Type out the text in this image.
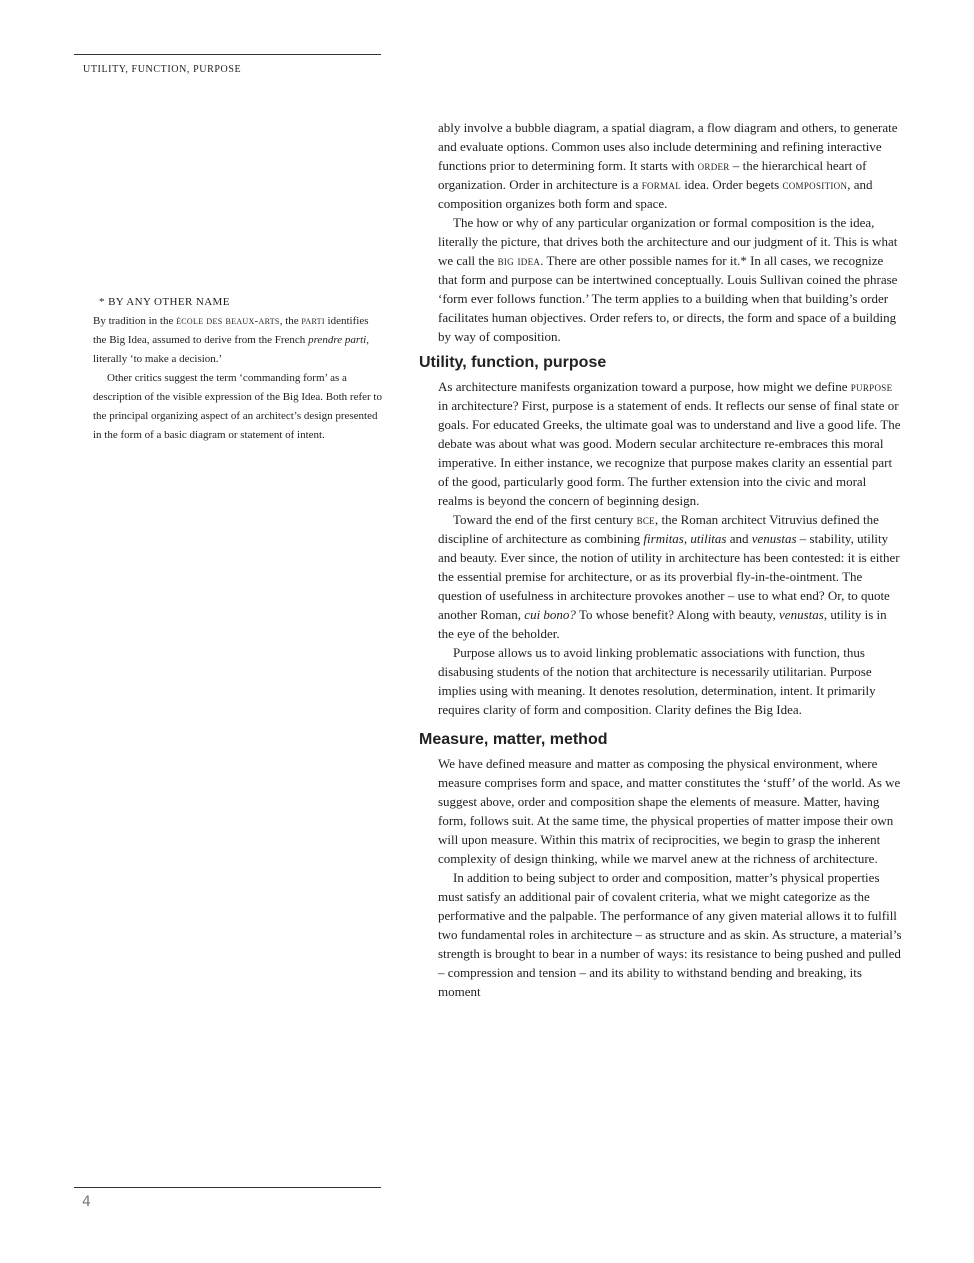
UTILITY, FUNCTION, PURPOSE
* BY ANY OTHER NAME

By tradition in the école des beaux-arts, the parti identifies the Big Idea, assumed to derive from the French prendre parti, literally ‘to make a decision.’

Other critics suggest the term ‘commanding form’ as a description of the visible expression of the Big Idea. Both refer to the principal organizing aspect of an architect’s design presented in the form of a basic diagram or statement of intent.

ably involve a bubble diagram, a spatial diagram, a flow diagram and others, to generate and evaluate options. Common uses also include determining and refining interactive functions prior to determining form. It starts with order – the hierarchical heart of organization. Order in architecture is a formal idea. Order begets composition, and composition organizes both form and space.

The how or why of any particular organization or formal composition is the idea, literally the picture, that drives both the architecture and our judgment of it. This is what we call the big idea. There are other possible names for it.* In all cases, we recognize that form and purpose can be intertwined conceptually. Louis Sullivan coined the phrase ‘form ever follows function.’ The term applies to a building when that building’s order facilitates human objectives. Order refers to, or directs, the form and space of a building by way of composition.

Utility, function, purpose

As architecture manifests organization toward a purpose, how might we define purpose in architecture? First, purpose is a statement of ends. It reflects our sense of final state or goals. For educated Greeks, the ultimate goal was to understand and live a good life. The debate was about what was good. Modern secular architecture re-embraces this moral imperative. In either instance, we recognize that purpose makes clarity an essential part of the good, particularly good form. The further extension into the civic and moral realms is beyond the concern of beginning design.

Toward the end of the first century bce, the Roman architect Vitruvius defined the discipline of architecture as combining firmitas, utilitas and venustas – stability, utility and beauty. Ever since, the notion of utility in architecture has been contested: it is either the essential premise for architecture, or as its proverbial fly-in-the-ointment. The question of usefulness in architecture provokes another – use to what end? Or, to quote another Roman, cui bono? To whose benefit? Along with beauty, venustas, utility is in the eye of the beholder.

Purpose allows us to avoid linking problematic associations with function, thus disabusing students of the notion that architecture is necessarily utilitarian. Purpose implies using with meaning. It denotes resolution, determination, intent. It primarily requires clarity of form and composition. Clarity defines the Big Idea.

Measure, matter, method

We have defined measure and matter as composing the physical environment, where measure comprises form and space, and matter constitutes the ‘stuff’ of the world. As we suggest above, order and composition shape the elements of measure. Matter, having form, follows suit. At the same time, the physical properties of matter impose their own will upon measure. Within this matrix of reciprocities, we begin to grasp the inherent complexity of design thinking, while we marvel anew at the richness of architecture.

In addition to being subject to order and composition, matter’s physical properties must satisfy an additional pair of covalent criteria, what we might categorize as the performative and the palpable. The performance of any given material allows it to fulfill two fundamental roles in architecture – as structure and as skin. As structure, a material’s strength is brought to bear in a number of ways: its resistance to being pushed and pulled – compression and tension – and its ability to withstand bending and breaking, its moment

4
